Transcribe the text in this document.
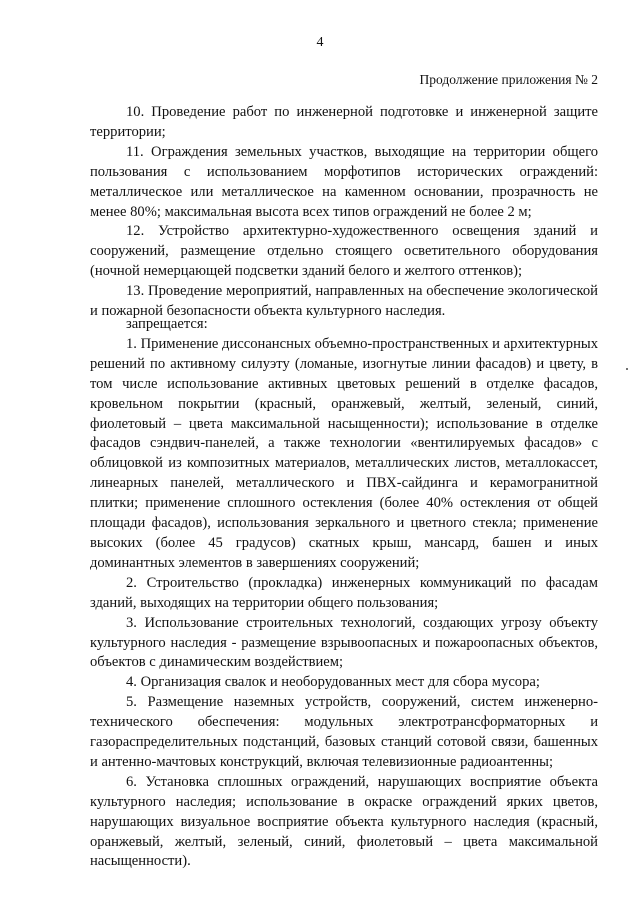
4
Продолжение приложения № 2

10. Проведение работ по инженерной подготовке и инженерной защите территории;

11. Ограждения земельных участков, выходящие на территории общего пользования с использованием морфотипов исторических ограждений: металлическое или металлическое на каменном основании, прозрачность не менее 80%; максимальная высота всех типов ограждений не более 2 м;

12. Устройство архитектурно-художественного освещения зданий и сооружений, размещение отдельно стоящего осветительного оборудования (ночной немерцающей подсветки зданий белого и желтого оттенков);

13. Проведение мероприятий, направленных на обеспечение экологической и пожарной безопасности объекта культурного наследия.

запрещается:

1. Применение диссонансных объемно-пространственных и архитектурных решений по активному силуэту (ломаные, изогнутые линии фасадов) и цвету, в том числе использование активных цветовых решений в отделке фасадов, кровельном покрытии (красный, оранжевый, желтый, зеленый, синий, фиолетовый – цвета максимальной насыщенности); использование в отделке фасадов сэндвич-панелей, а также технологии «вентилируемых фасадов» с облицовкой из композитных материалов, металлических листов, металлокассет, линеарных панелей, металлического и ПВХ-сайдинга и керамогранитной плитки; применение сплошного остекления (более 40% остекления от общей площади фасадов), использования зеркального и цветного стекла; применение высоких (более 45 градусов) скатных крыш, мансард, башен и иных доминантных элементов в завершениях сооружений;

2. Строительство (прокладка) инженерных коммуникаций по фасадам зданий, выходящих на территории общего пользования;

3. Использование строительных технологий, создающих угрозу объекту культурного наследия - размещение взрывоопасных и пожароопасных объектов, объектов с динамическим воздействием;

4. Организация свалок и необорудованных мест для сбора мусора;

5. Размещение наземных устройств, сооружений, систем инженерно-технического обеспечения: модульных электротрансформаторных и газораспределительных подстанций, базовых станций сотовой связи, башенных и антенно-мачтовых конструкций, включая телевизионные радиоантенны;

6. Установка сплошных ограждений, нарушающих восприятие объекта культурного наследия; использование в окраске ограждений ярких цветов, нарушающих визуальное восприятие объекта культурного наследия (красный, оранжевый, желтый, зеленый, синий, фиолетовый – цвета максимальной насыщенности).
